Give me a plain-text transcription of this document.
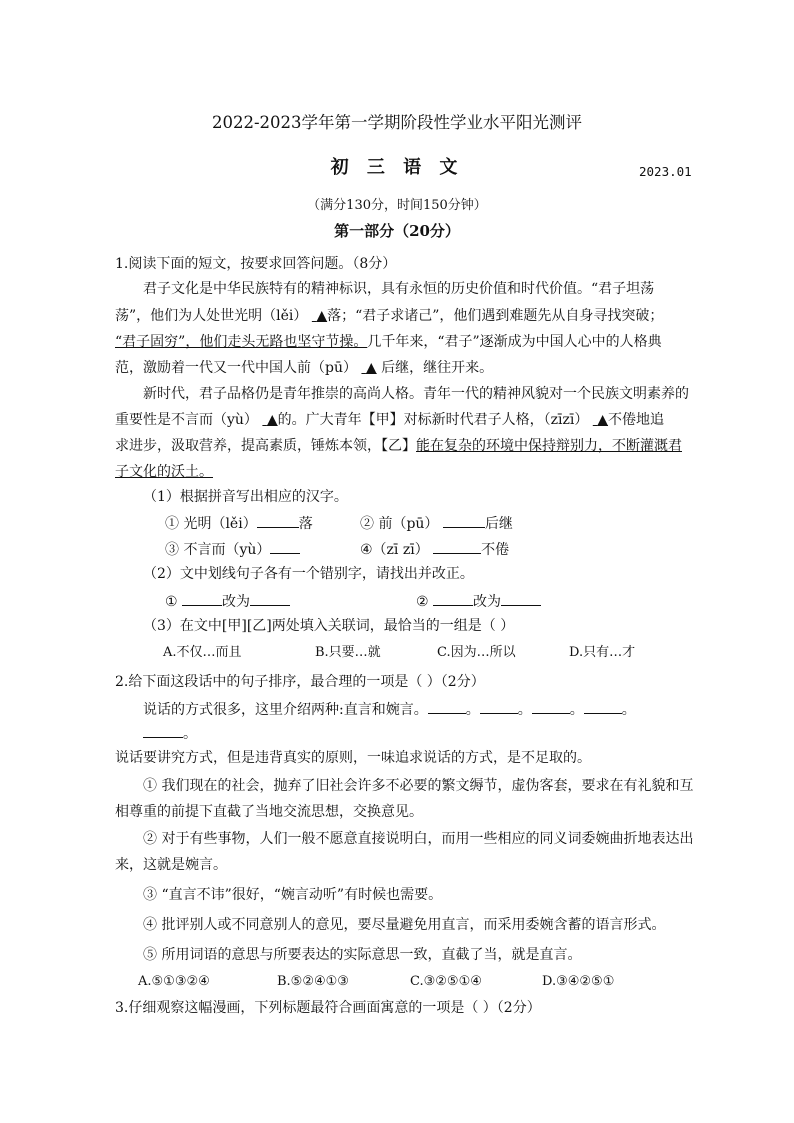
2022-2023学年第一学期阶段性学业水平阳光测评
初 三 语 文	2023.01
（满分130分，时间150分钟）
第一部分（20分）
1.阅读下面的短文，按要求回答问题。（8分）
君子文化是中华民族特有的精神标识，具有永恒的历史价值和时代价值。“君子坦荡
荡”，他们为人处世光明（lěi） ▲落；“君子求诸己”，他们遇到难题先从自身寻找突破；
“君子固穷”，他们走头无路也坚守节操。几千年来，“君子”逐渐成为中国人心中的人格典
范，激励着一代又一代中国人前（pū） ▲ 后继，继往开来。
新时代，君子品格仍是青年推崇的高尚人格。青年一代的精神风貌对一个民族文明素养的
重要性是不言而（yù） ▲的。广大青年【甲】对标新时代君子人格，（zīzī） ▲不倦地追
求进步，汲取营养，提高素质，锤炼本领，【乙】能在复杂的环境中保持辩别力，不断灌溉君
子文化的沃土。
（1）根据拼音写出相应的汉字。
① 光明（lěi）	落	② 前（pū）	后继
③ 不言而（yù）	④（zī zī）	不倦
（2）文中划线句子各有一个错别字，请找出并改正。
①	改为	②	改为
（3）在文中[甲][乙]两处填入关联词，最恰当的一组是（ ）
A.不仅…而且	B.只要…就	C.因为…所以	D.只有…才
2.给下面这段话中的句子排序，最合理的一项是（ ）（2分）
说话的方式很多，这里介绍两种:直言和婉言。	。	。	。	。
。
说话要讲究方式，但是违背真实的原则，一味追求说话的方式，是不足取的。
① 我们现在的社会，抛弃了旧社会许多不必要的繁文缛节，虚伪客套，要求在有礼貌和互
相尊重的前提下直截了当地交流思想，交换意见。
② 对于有些事物，人们一般不愿意直接说明白，而用一些相应的同义词委婉曲折地表达出
来，这就是婉言。
③ “直言不讳”很好，“婉言动听”有时候也需要。
④ 批评别人或不同意别人的意见，要尽量避免用直言，而采用委婉含蓄的语言形式。
⑤ 所用词语的意思与所要表达的实际意思一致，直截了当，就是直言。
A.⑤①③②④	B.⑤②④①③	C.③②⑤①④	D.③④②⑤①
3.仔细观察这幅漫画，下列标题最符合画面寓意的一项是（ ）（2分）
